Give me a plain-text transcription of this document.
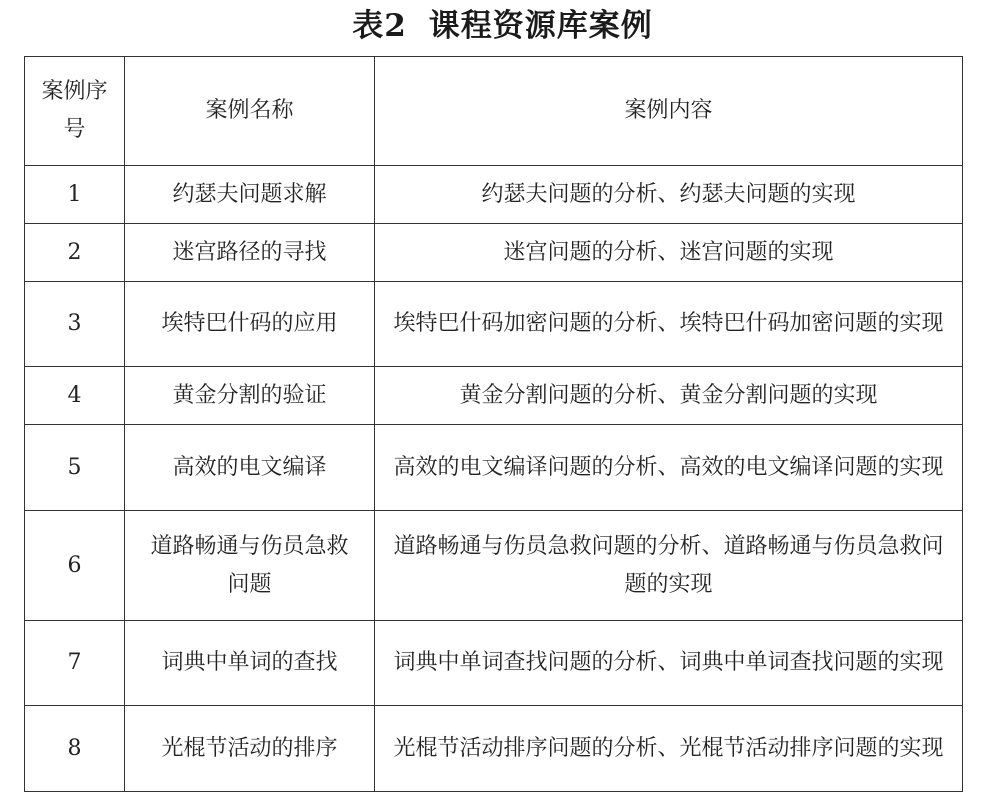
表2 课程资源库案例
案例序号	案例名称	案例内容
1	约瑟夫问题求解	约瑟夫问题的分析、约瑟夫问题的实现
2	迷宫路径的寻找	迷宫问题的分析、迷宫问题的实现
3	埃特巴什码的应用	埃特巴什码加密问题的分析、埃特巴什码加密问题的实现
4	黄金分割的验证	黄金分割问题的分析、黄金分割问题的实现
5	高效的电文编译	高效的电文编译问题的分析、高效的电文编译问题的实现
6	道路畅通与伤员急救问题	道路畅通与伤员急救问题的分析、道路畅通与伤员急救问题的实现
7	词典中单词的查找	词典中单词查找问题的分析、词典中单词查找问题的实现
8	光棍节活动的排序	光棍节活动排序问题的分析、光棍节活动排序问题的实现
